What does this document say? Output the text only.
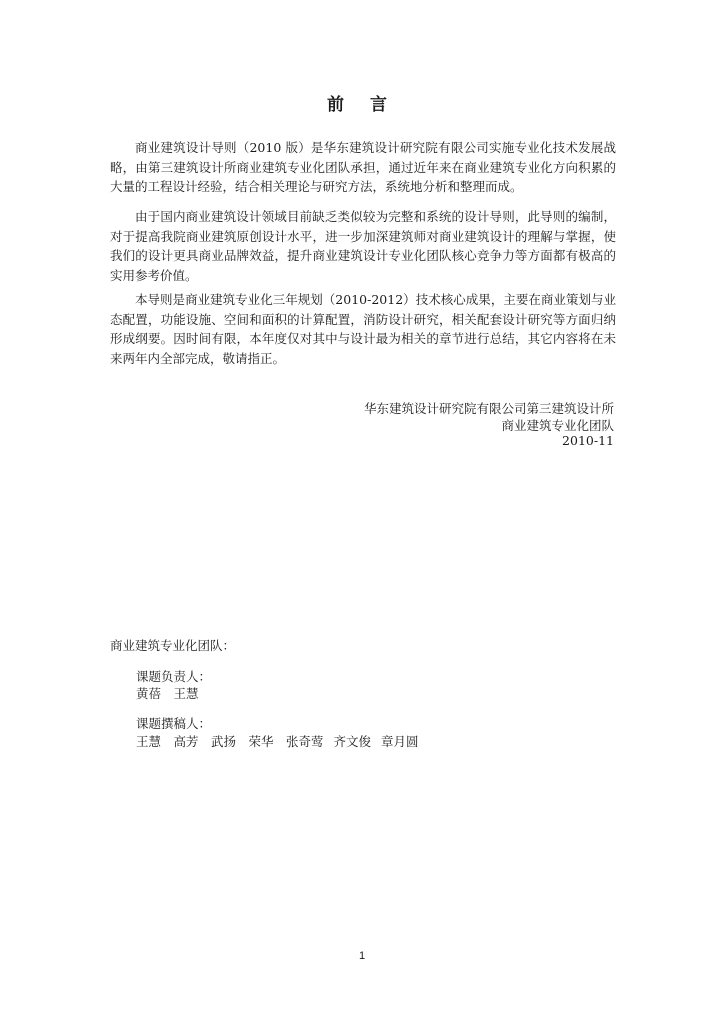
前 言

商业建筑设计导则（2010 版）是华东建筑设计研究院有限公司实施专业化技术发展战略，由第三建筑设计所商业建筑专业化团队承担，通过近年来在商业建筑专业化方向积累的大量的工程设计经验，结合相关理论与研究方法，系统地分析和整理而成。

由于国内商业建筑设计领域目前缺乏类似较为完整和系统的设计导则，此导则的编制，对于提高我院商业建筑原创设计水平，进一步加深建筑师对商业建筑设计的理解与掌握，使我们的设计更具商业品牌效益，提升商业建筑设计专业化团队核心竞争力等方面都有极高的实用参考价值。

本导则是商业建筑专业化三年规划（2010-2012）技术核心成果，主要在商业策划与业态配置，功能设施、空间和面积的计算配置，消防设计研究，相关配套设计研究等方面归纳形成纲要。因时间有限，本年度仅对其中与设计最为相关的章节进行总结，其它内容将在未来两年内全部完成，敬请指正。

华东建筑设计研究院有限公司第三建筑设计所
商业建筑专业化团队
2010-11
商业建筑专业化团队：
课题负责人：
黄蓓　王慧
课题撰稿人：
王慧　高芳　武扬　荣华　张奇莺 齐文俊 章月圆
1
